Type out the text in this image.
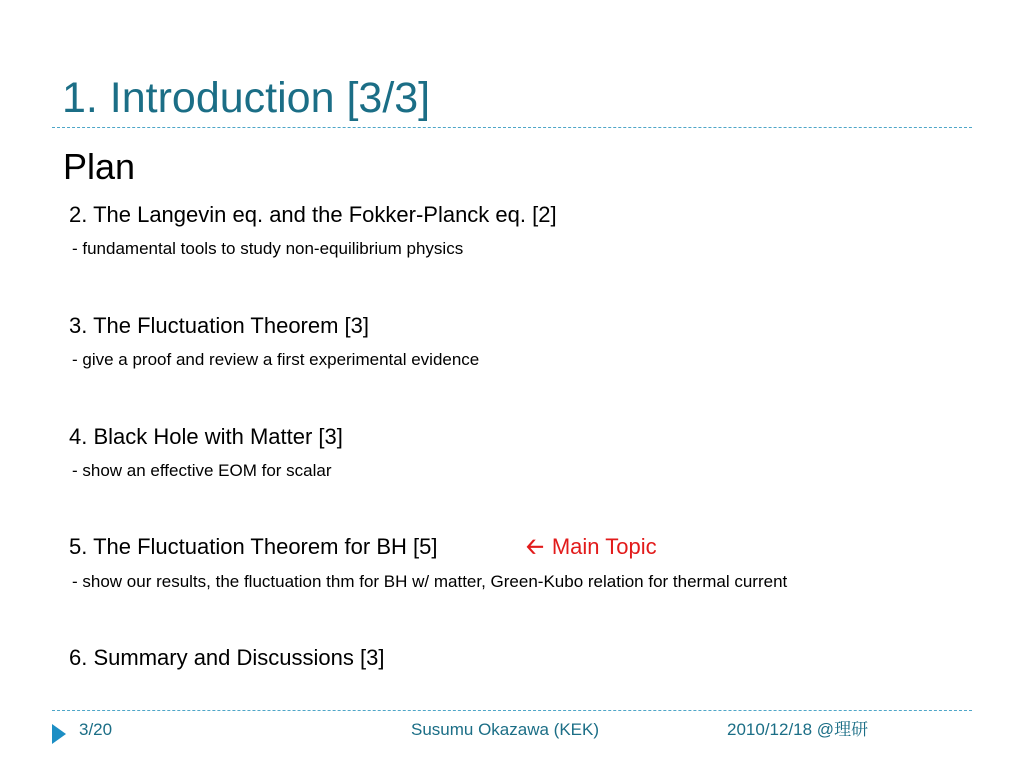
1. Introduction [3/3]
Plan
2. The Langevin eq. and the Fokker-Planck eq. [2]
- fundamental tools to study non-equilibrium physics
3. The Fluctuation Theorem [3]
- give a proof and review a first experimental evidence
4. Black Hole with Matter [3]
- show an effective EOM for scalar
5. The Fluctuation Theorem for BH [5]	🡠 Main Topic
- show our results, the fluctuation thm for BH w/ matter, Green-Kubo relation for thermal current
6. Summary and Discussions [3]
3/20	Susumu Okazawa (KEK)	2010/12/18 @理研
